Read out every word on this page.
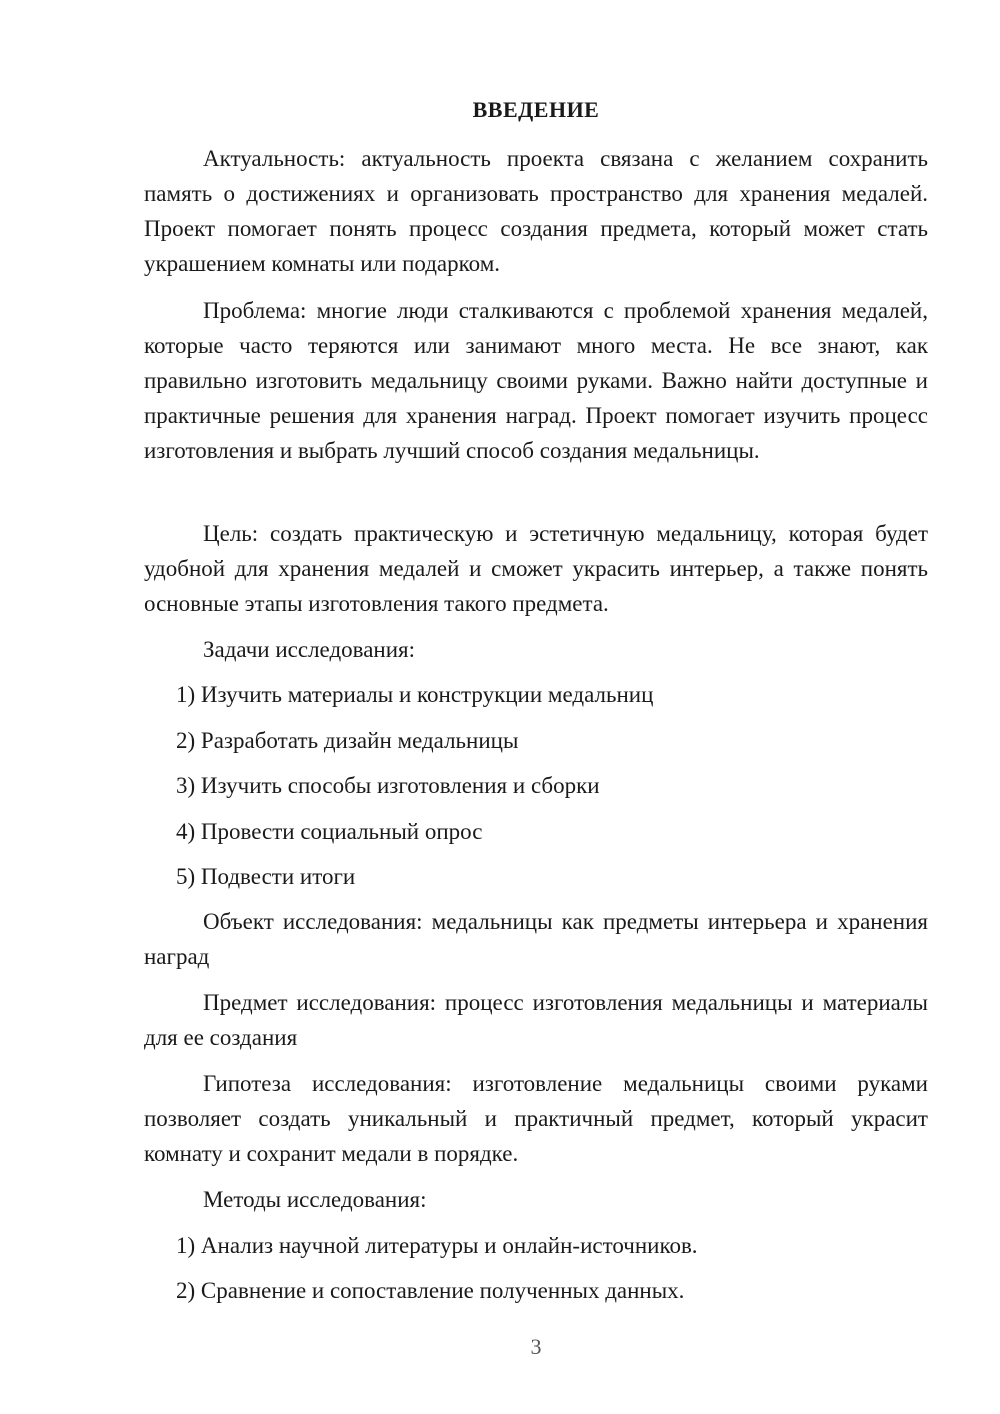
ВВЕДЕНИЕ
Актуальность: актуальность проекта связана с желанием сохранить память о достижениях и организовать пространство для хранения медалей. Проект помогает понять процесс создания предмета, который может стать украшением комнаты или подарком.
Проблема: многие люди сталкиваются с проблемой хранения медалей, которые часто теряются или занимают много места. Не все знают, как правильно изготовить медальницу своими руками. Важно найти доступные и практичные решения для хранения наград. Проект помогает изучить процесс изготовления и выбрать лучший способ создания медальницы.
Цель: создать практическую и эстетичную медальницу, которая будет удобной для хранения медалей и сможет украсить интерьер, а также понять основные этапы изготовления такого предмета.
Задачи исследования:
1) Изучить материалы и конструкции медальниц
2) Разработать дизайн медальницы
3) Изучить способы изготовления и сборки
4) Провести социальный опрос
5) Подвести итоги
Объект исследования: медальницы как предметы интерьера и хранения наград
Предмет исследования: процесс изготовления медальницы и материалы для ее создания
Гипотеза исследования: изготовление медальницы своими руками позволяет создать уникальный и практичный предмет, который украсит комнату и сохранит медали в порядке.
Методы исследования:
1) Анализ научной литературы и онлайн-источников.
2) Сравнение и сопоставление полученных данных.
3
